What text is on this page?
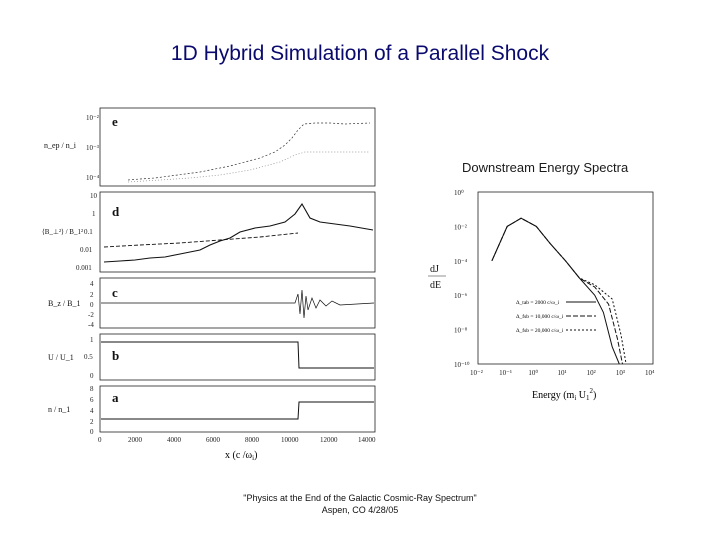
1D Hybrid Simulation of a Parallel Shock
e
d
c
b
a
n_ep / n_i
⟨B_⊥²⟩ / B_1²
B_z / B_1
U / U_1
n / n_1
10⁻²
10⁻³
10⁻⁴
10
1
0.1
0.01
0.001
4
2
0
-2
-4
1
0.5
0
8
6
4
2
0
0	2000	4000	6000	8000	10000	12000	14000
x (c $/\omega_i$)
Downstream Energy Spectra
dJ
dE
10⁰
10⁻²
10⁻⁴
10⁻⁶
10⁻⁸
10⁻¹⁰
10⁻² 10⁻¹ 10⁰	10¹	10²	10³	10⁴
Δ_tab = 2000 c/ω_i
Δ_fsb = 10,000 c/ω_i
Δ_fsb = 20,000 c/ω_i
Energy ($m_i$ $U_1^2$)
"Physics at the End of the Galactic Cosmic-Ray Spectrum"
Aspen, CO 4/28/05
